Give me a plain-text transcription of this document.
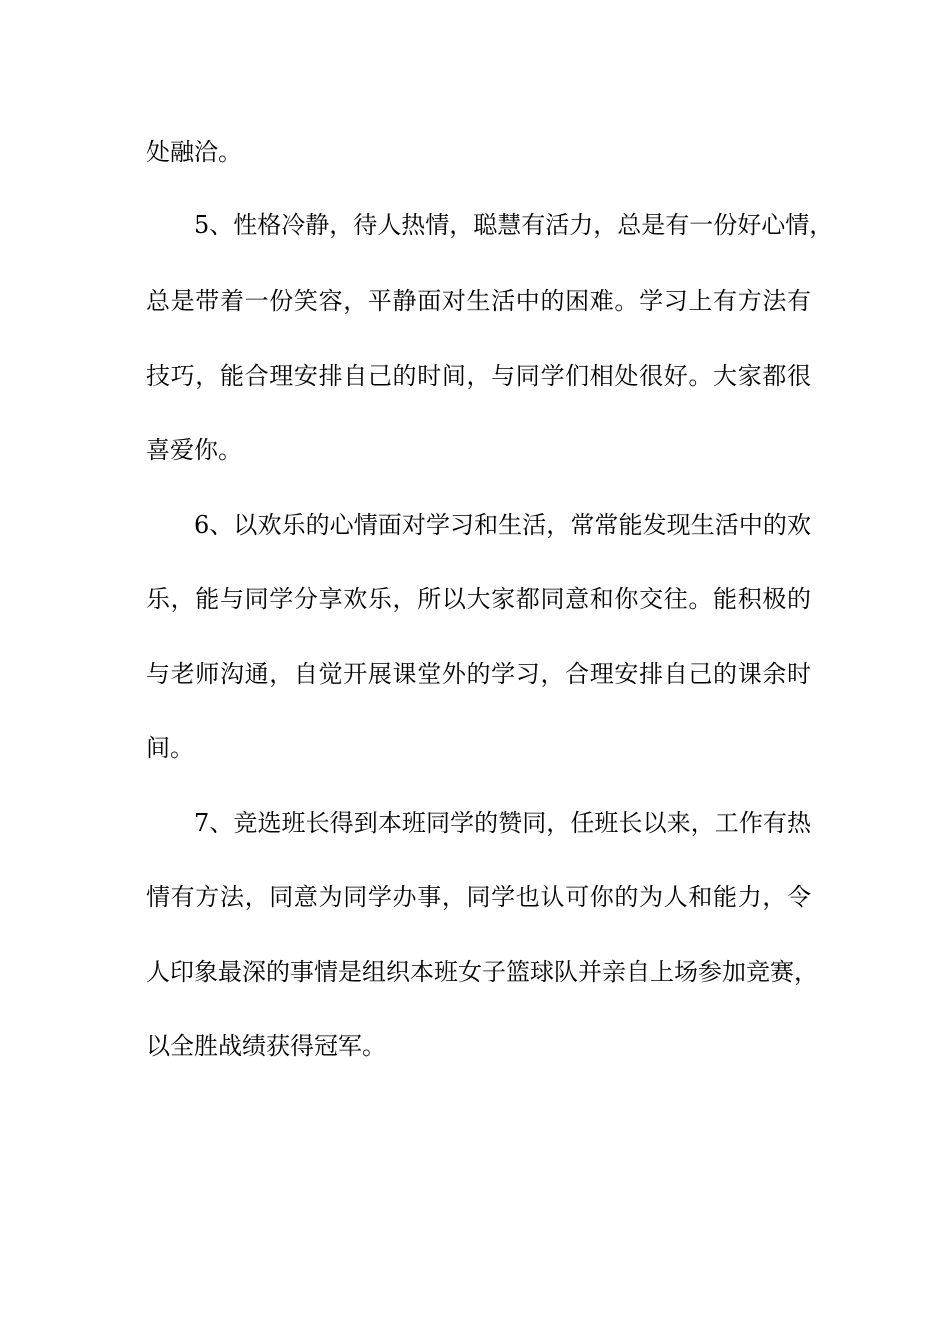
处融洽。
5、性格冷静，待人热情，聪慧有活力，总是有一份好心情，
总是带着一份笑容，平静面对生活中的困难。学习上有方法有
技巧，能合理安排自己的时间，与同学们相处很好。大家都很
喜爱你。
6、以欢乐的心情面对学习和生活，常常能发现生活中的欢
乐，能与同学分享欢乐，所以大家都同意和你交往。能积极的
与老师沟通，自觉开展课堂外的学习，合理安排自己的课余时
间。
7、竞选班长得到本班同学的赞同，任班长以来，工作有热
情有方法，同意为同学办事，同学也认可你的为人和能力，令
人印象最深的事情是组织本班女子篮球队并亲自上场参加竞赛，
以全胜战绩获得冠军。
